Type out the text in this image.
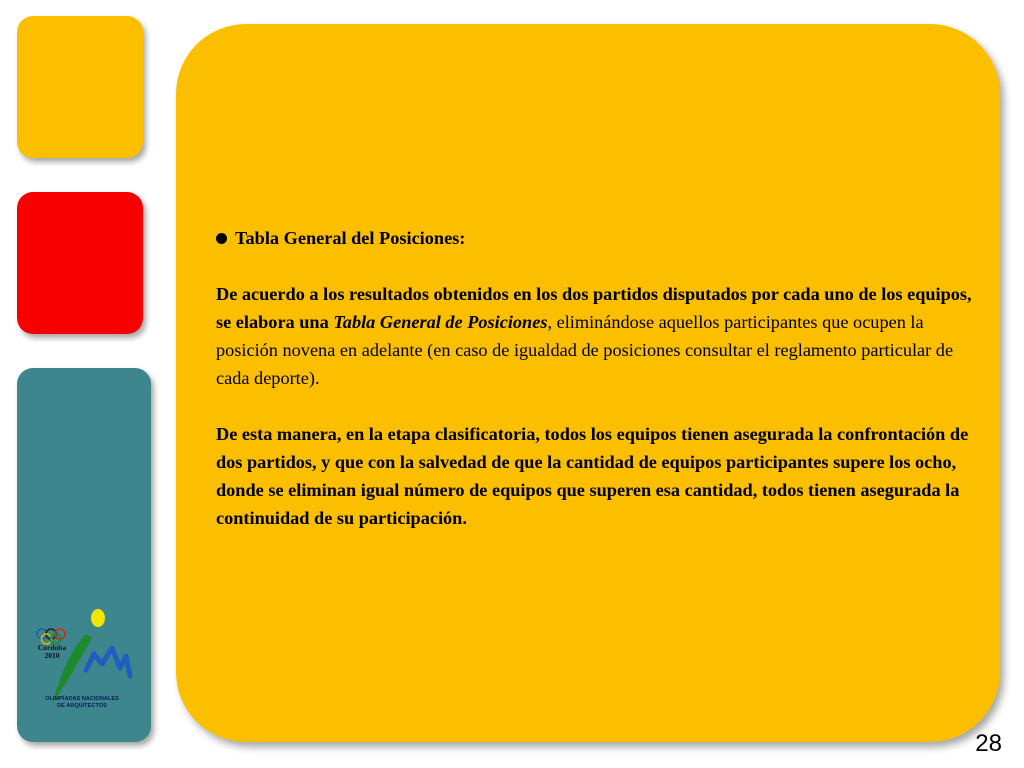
Tabla General del Posiciones:

De acuerdo a los resultados obtenidos en los dos partidos disputados por cada uno de los equipos, se elabora una Tabla General de Posiciones, eliminándose aquellos participantes que ocupen la posición novena en adelante (en caso de igualdad de posiciones consultar el reglamento particular de cada deporte).

De esta manera, en la etapa clasificatoria, todos los equipos tienen asegurada la confrontación de dos partidos, y que con la salvedad de que la cantidad de equipos participantes supere los ocho, donde se eliminan igual número de equipos que superen esa cantidad, todos tienen asegurada la continuidad de su participación.

Córdoba
2010
OLIMPÍADAS NACIONALES
DE ARQUITECTOS
28
